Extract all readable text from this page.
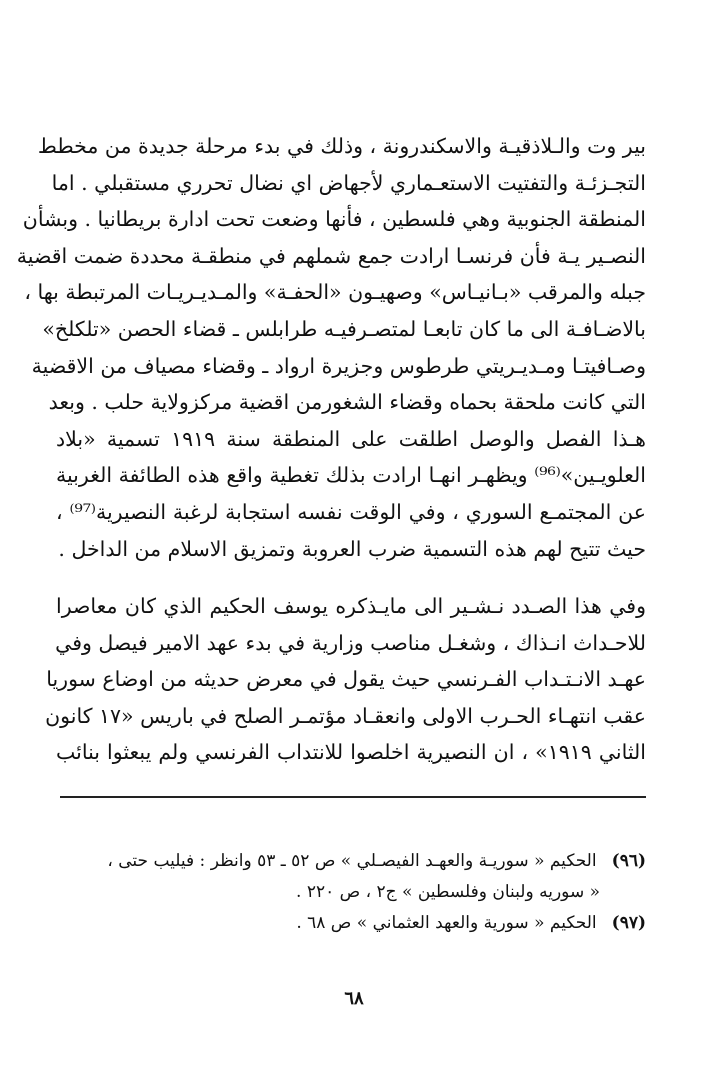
بير وت والـلاذقيـة والاسكندرونة ، وذلك في بدء مرحلة جديدة من مخطط
التجـزئـة والتفتيت الاستعـماري لأجهاض اي نضال تحرري مستقبلي . اما
المنطقة الجنوبية وهي فلسطين ، فأنها وضعت تحت ادارة بريطانيا . وبشأن
النصـير يـة فأن فرنسـا ارادت جمع شملهم في منطقـة محددة ضمت اقضية
جبله والمرقب «بـانيـاس» وصهيـون «الحفـة» والمـديـريـات المرتبطة بها ،
بالاضـافـة الى ما كان تابعـا لمتصـرفيـه طرابلس ـ قضاء الحصن «تلكلخ»
وصـافيتـا ومـديـريتي طرطوس وجزيرة ارواد ـ وقضاء مصياف من الاقضية
التي كانت ملحقة بحماه وقضاء الشغورمن اقضية مركزولاية حلب . وبعد
هـذا الفصل والوصل اطلقت على المنطقة سنة ١٩١٩ تسمية «بلاد
العلويـين»⁽⁹⁶⁾ ويظهـر انهـا ارادت بذلك تغطية واقع هذه الطائفة الغربية
عن المجتمـع السوري ، وفي الوقت نفسه استجابة لرغبة النصيرية⁽⁹⁷⁾ ،
حيث تتيح لهم هذه التسمية ضرب العروبة وتمزيق الاسلام من الداخل .
وفي هذا الصـدد نـشـير الى مايـذكره يوسف الحكيم الذي كان معاصرا
للاحـداث انـذاك ، وشغـل مناصب وزارية في بدء عهد الامير فيصل وفي
عهـد الانـتـداب الفـرنسي حيث يقول في معرض حديثه من اوضاع سوريا
عقب انتهـاء الحـرب الاولى وانعقـاد مؤتمـر الصلح في باريس «١٧ كانون
الثاني ١٩١٩» ، ان النصيرية اخلصوا للانتداب الفرنسي ولم يبعثوا بنائب
(٩٦) الحكيم « سوريـة والعهـد الفيصـلي » ص ٥٢ ـ ٥٣ وانظر : فيليب حتى ،
« سوريه ولبنان وفلسطين » ج٢ ، ص ٢٢٠ .
(٩٧) الحكيم « سورية والعهد العثماني » ص ٦٨ .
٦٨
